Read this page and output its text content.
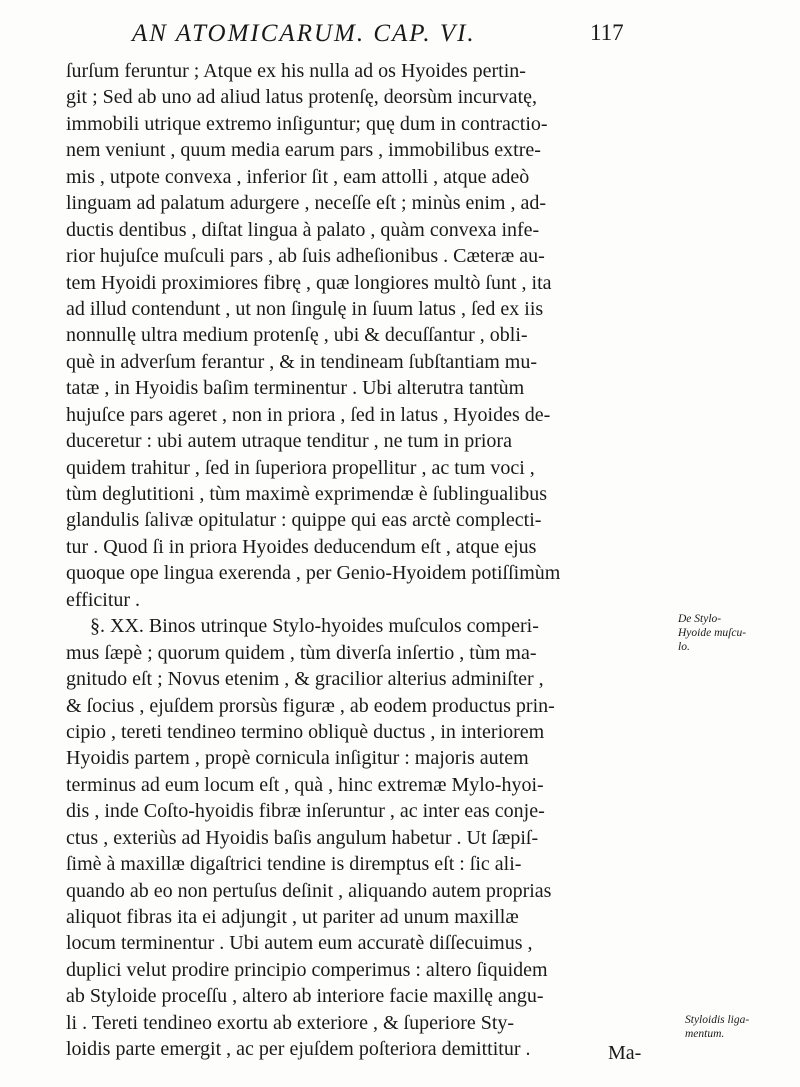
AN ATOMICARUM. CAP. VI.	117
ſurſum feruntur ; Atque ex his nulla ad os Hyoides pertin-
git ; Sed ab uno ad aliud latus protenſę, deorsùm incurvatę,
immobili utrique extremo inſiguntur; quę dum in contractio-
nem veniunt , quum media earum pars , immobilibus extre-
mis , utpote convexa , inferior ſit , eam attolli , atque adeò
linguam ad palatum adurgere , neceſſe eſt ; minùs enim , ad-
ductis dentibus , diſtat lingua à palato , quàm convexa infe-
rior hujuſce muſculi pars , ab ſuis adheſionibus . Cæteræ au-
tem Hyoidi proximiores fibrę , quæ longiores multò ſunt , ita
ad illud contendunt , ut non ſingulę in ſuum latus , ſed ex iis
nonnullę ultra medium protenſę , ubi & decuſſantur , obli-
què in adverſum ferantur , & in tendineam ſubſtantiam mu-
tatæ , in Hyoidis baſim terminentur . Ubi alterutra tantùm
hujuſce pars ageret , non in priora , ſed in latus , Hyoides de-
duceretur : ubi autem utraque tenditur , ne tum in priora
quidem trahitur , ſed in ſuperiora propellitur , ac tum voci ,
tùm deglutitioni , tùm maximè exprimendæ è ſublingualibus
glandulis ſalivæ opitulatur : quippe qui eas arctè complecti-
tur . Quod ſi in priora Hyoides deducendum eſt , atque ejus
quoque ope lingua exerenda , per Genio-Hyoidem potiſſimùm
efficitur .
§. XX. Binos utrinque Stylo-hyoides muſculos comperi-
mus ſæpè ; quorum quidem , tùm diverſa inſertio , tùm ma-
gnitudo eſt ; Novus etenim , & gracilior alterius adminiſter ,
& ſocius , ejuſdem prorsùs figuræ , ab eodem productus prin-
cipio , tereti tendineo termino obliquè ductus , in interiorem
Hyoidis partem , propè cornicula inſigitur : majoris autem
terminus ad eum locum eſt , quà , hinc extremæ Mylo-hyoi-
dis , inde Coſto-hyoidis fibræ inſeruntur , ac inter eas conje-
ctus , exteriùs ad Hyoidis baſis angulum habetur . Ut ſæpiſ-
ſimè à maxillæ digaſtrici tendine is diremptus eſt : ſic ali-
quando ab eo non pertuſus deſinit , aliquando autem proprias
aliquot fibras ita ei adjungit , ut pariter ad unum maxillæ
locum terminentur . Ubi autem eum accuratè diſſecuimus ,
duplici velut prodire principio comperimus : altero ſiquidem
ab Styloide proceſſu , altero ab interiore facie maxillę angu-
li . Tereti tendineo exortu ab exteriore , & ſuperiore Sty-
loidis parte emergit , ac per ejuſdem poſteriora demittitur .
De Stylo-
Hyoide muſcu-
lo.
Styloidis liga-
mentum.
Ma-
